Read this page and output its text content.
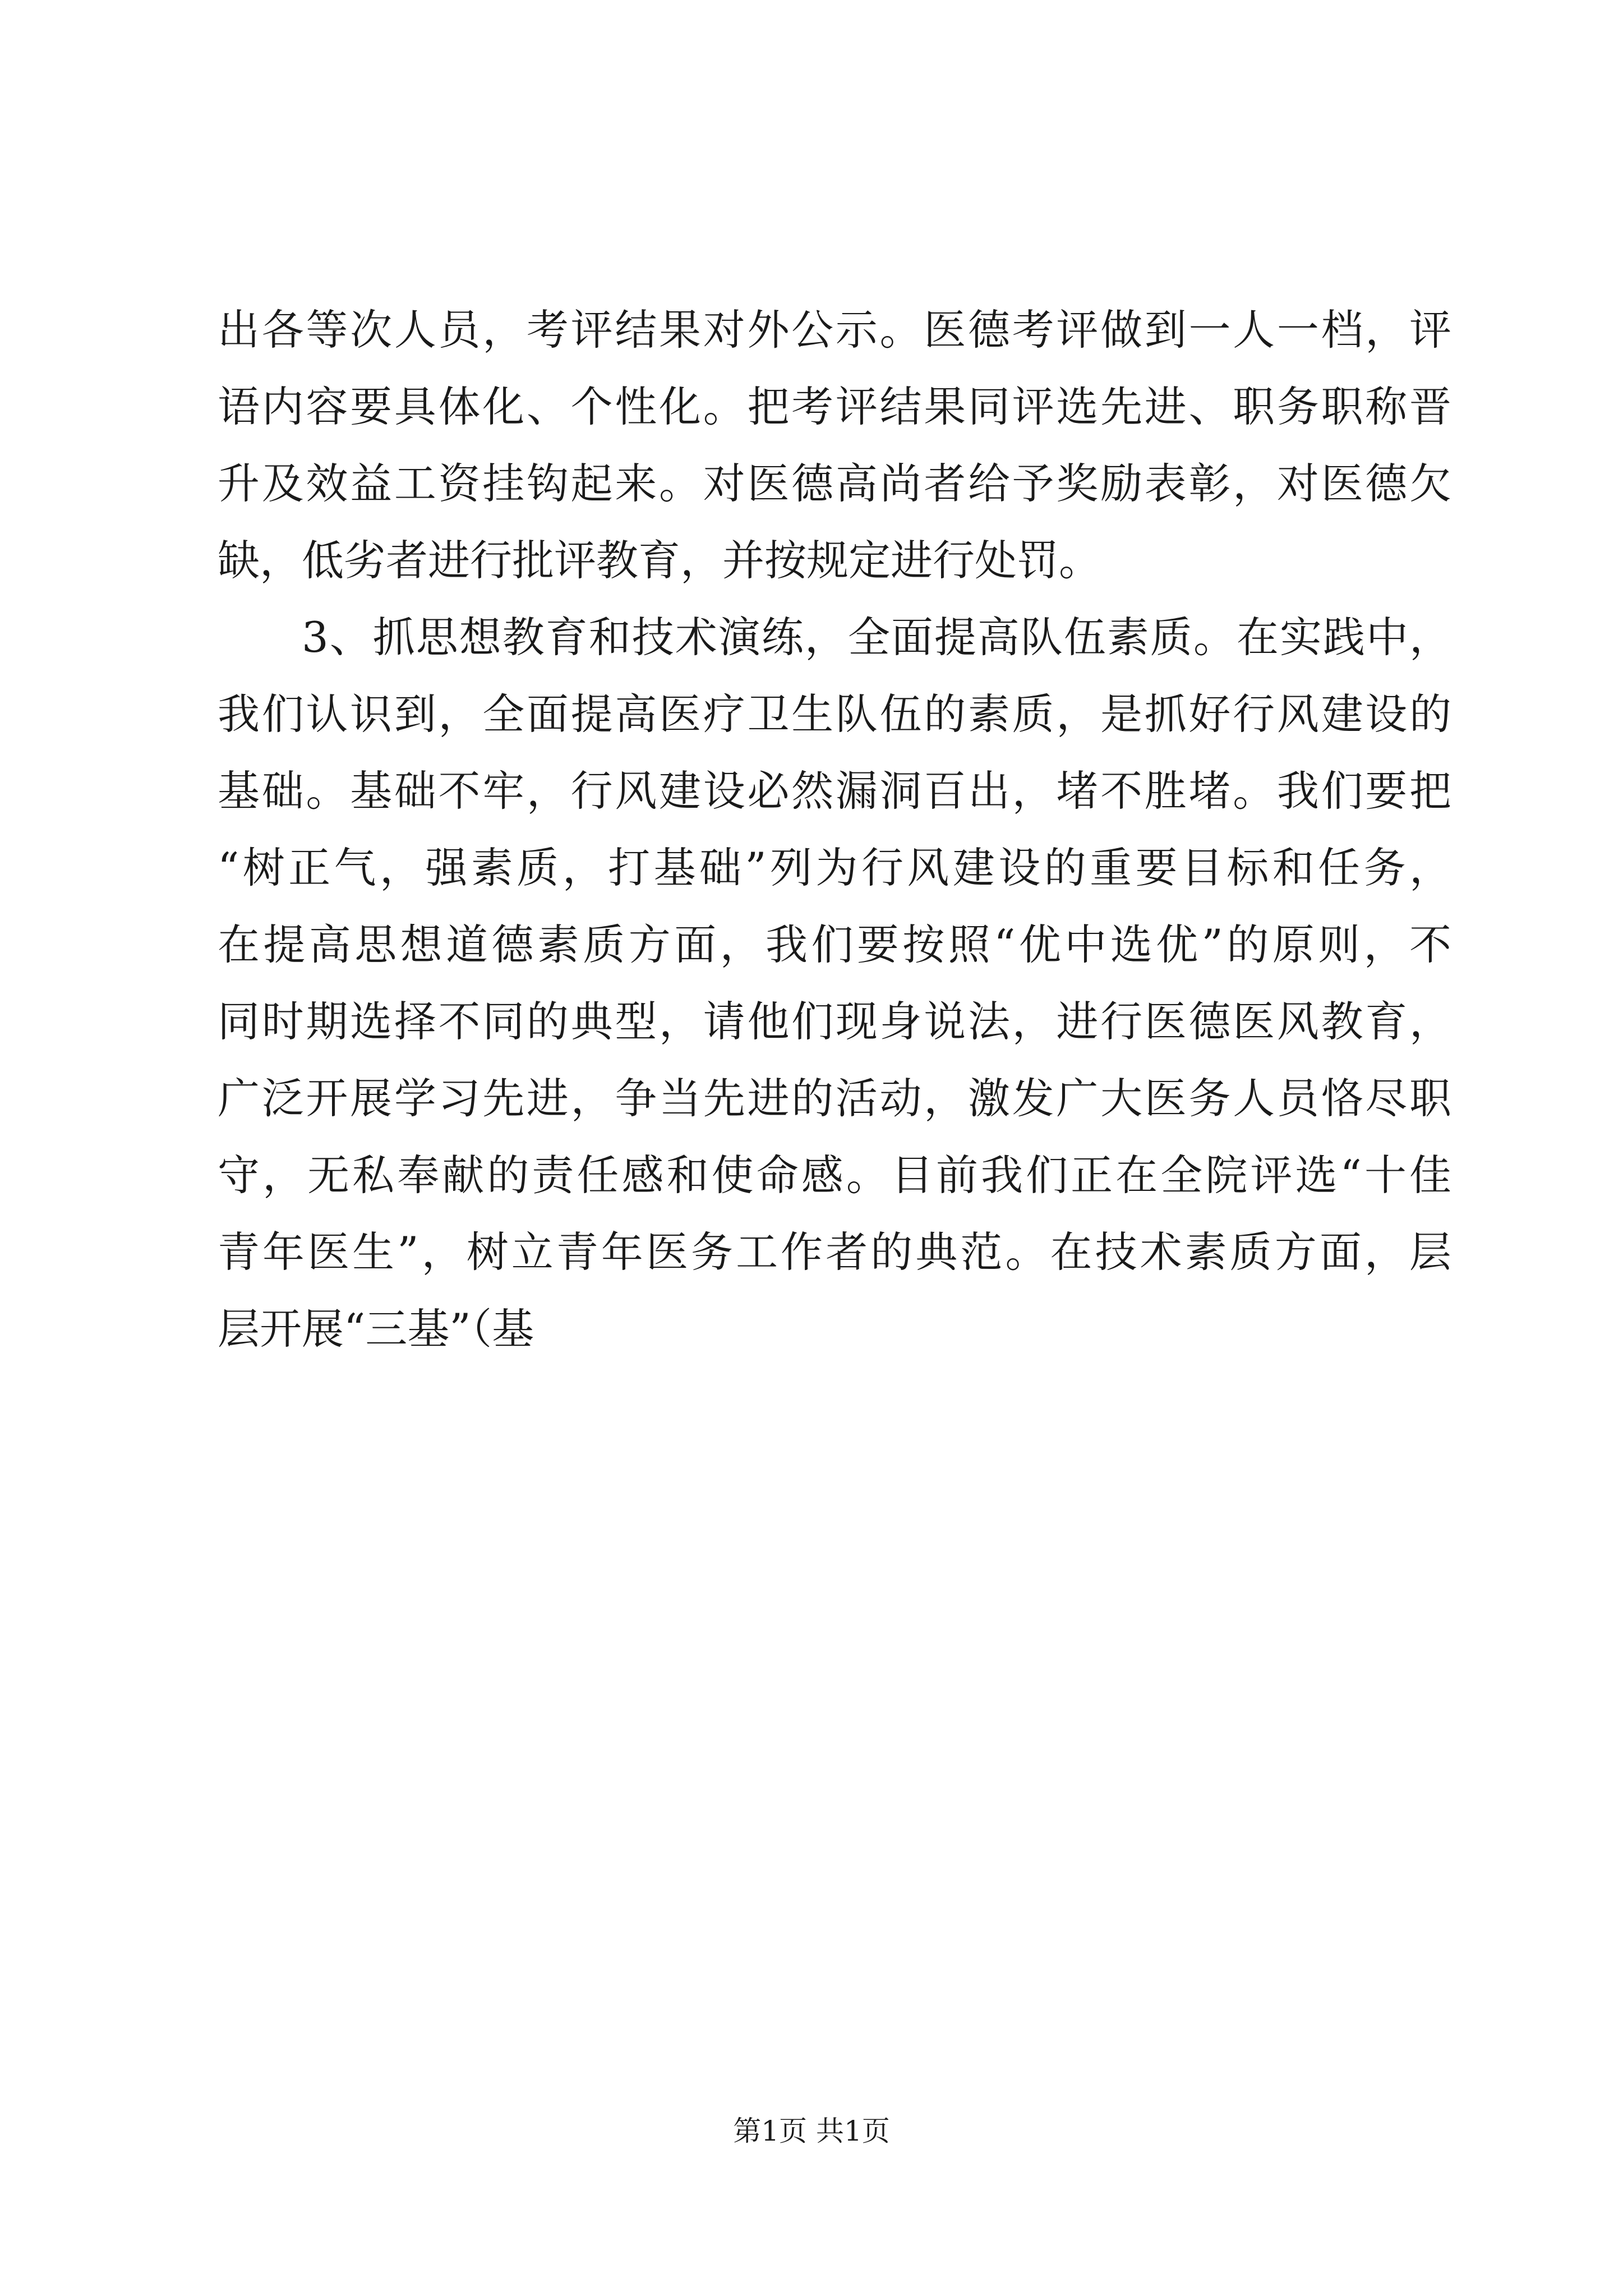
出各等次人员，考评结果对外公示。医德考评做到一人一档，评
语内容要具体化、个性化。把考评结果同评选先进、职务职称晋
升及效益工资挂钩起来。对医德高尚者给予奖励表彰，对医德欠
缺，低劣者进行批评教育，并按规定进行处罚。
3、抓思想教育和技术演练，全面提高队伍素质。在实践中，
我们认识到，全面提高医疗卫生队伍的素质，是抓好行风建设的
基础。基础不牢，行风建设必然漏洞百出，堵不胜堵。我们要把
“树正气，强素质，打基础”列为行风建设的重要目标和任务，
在提高思想道德素质方面，我们要按照“优中选优”的原则，不
同时期选择不同的典型，请他们现身说法，进行医德医风教育，
广泛开展学习先进，争当先进的活动，激发广大医务人员恪尽职
守，无私奉献的责任感和使命感。目前我们正在全院评选“十佳
青年医生”，树立青年医务工作者的典范。在技术素质方面，层
层开展“三基”（基
第1页 共1页
